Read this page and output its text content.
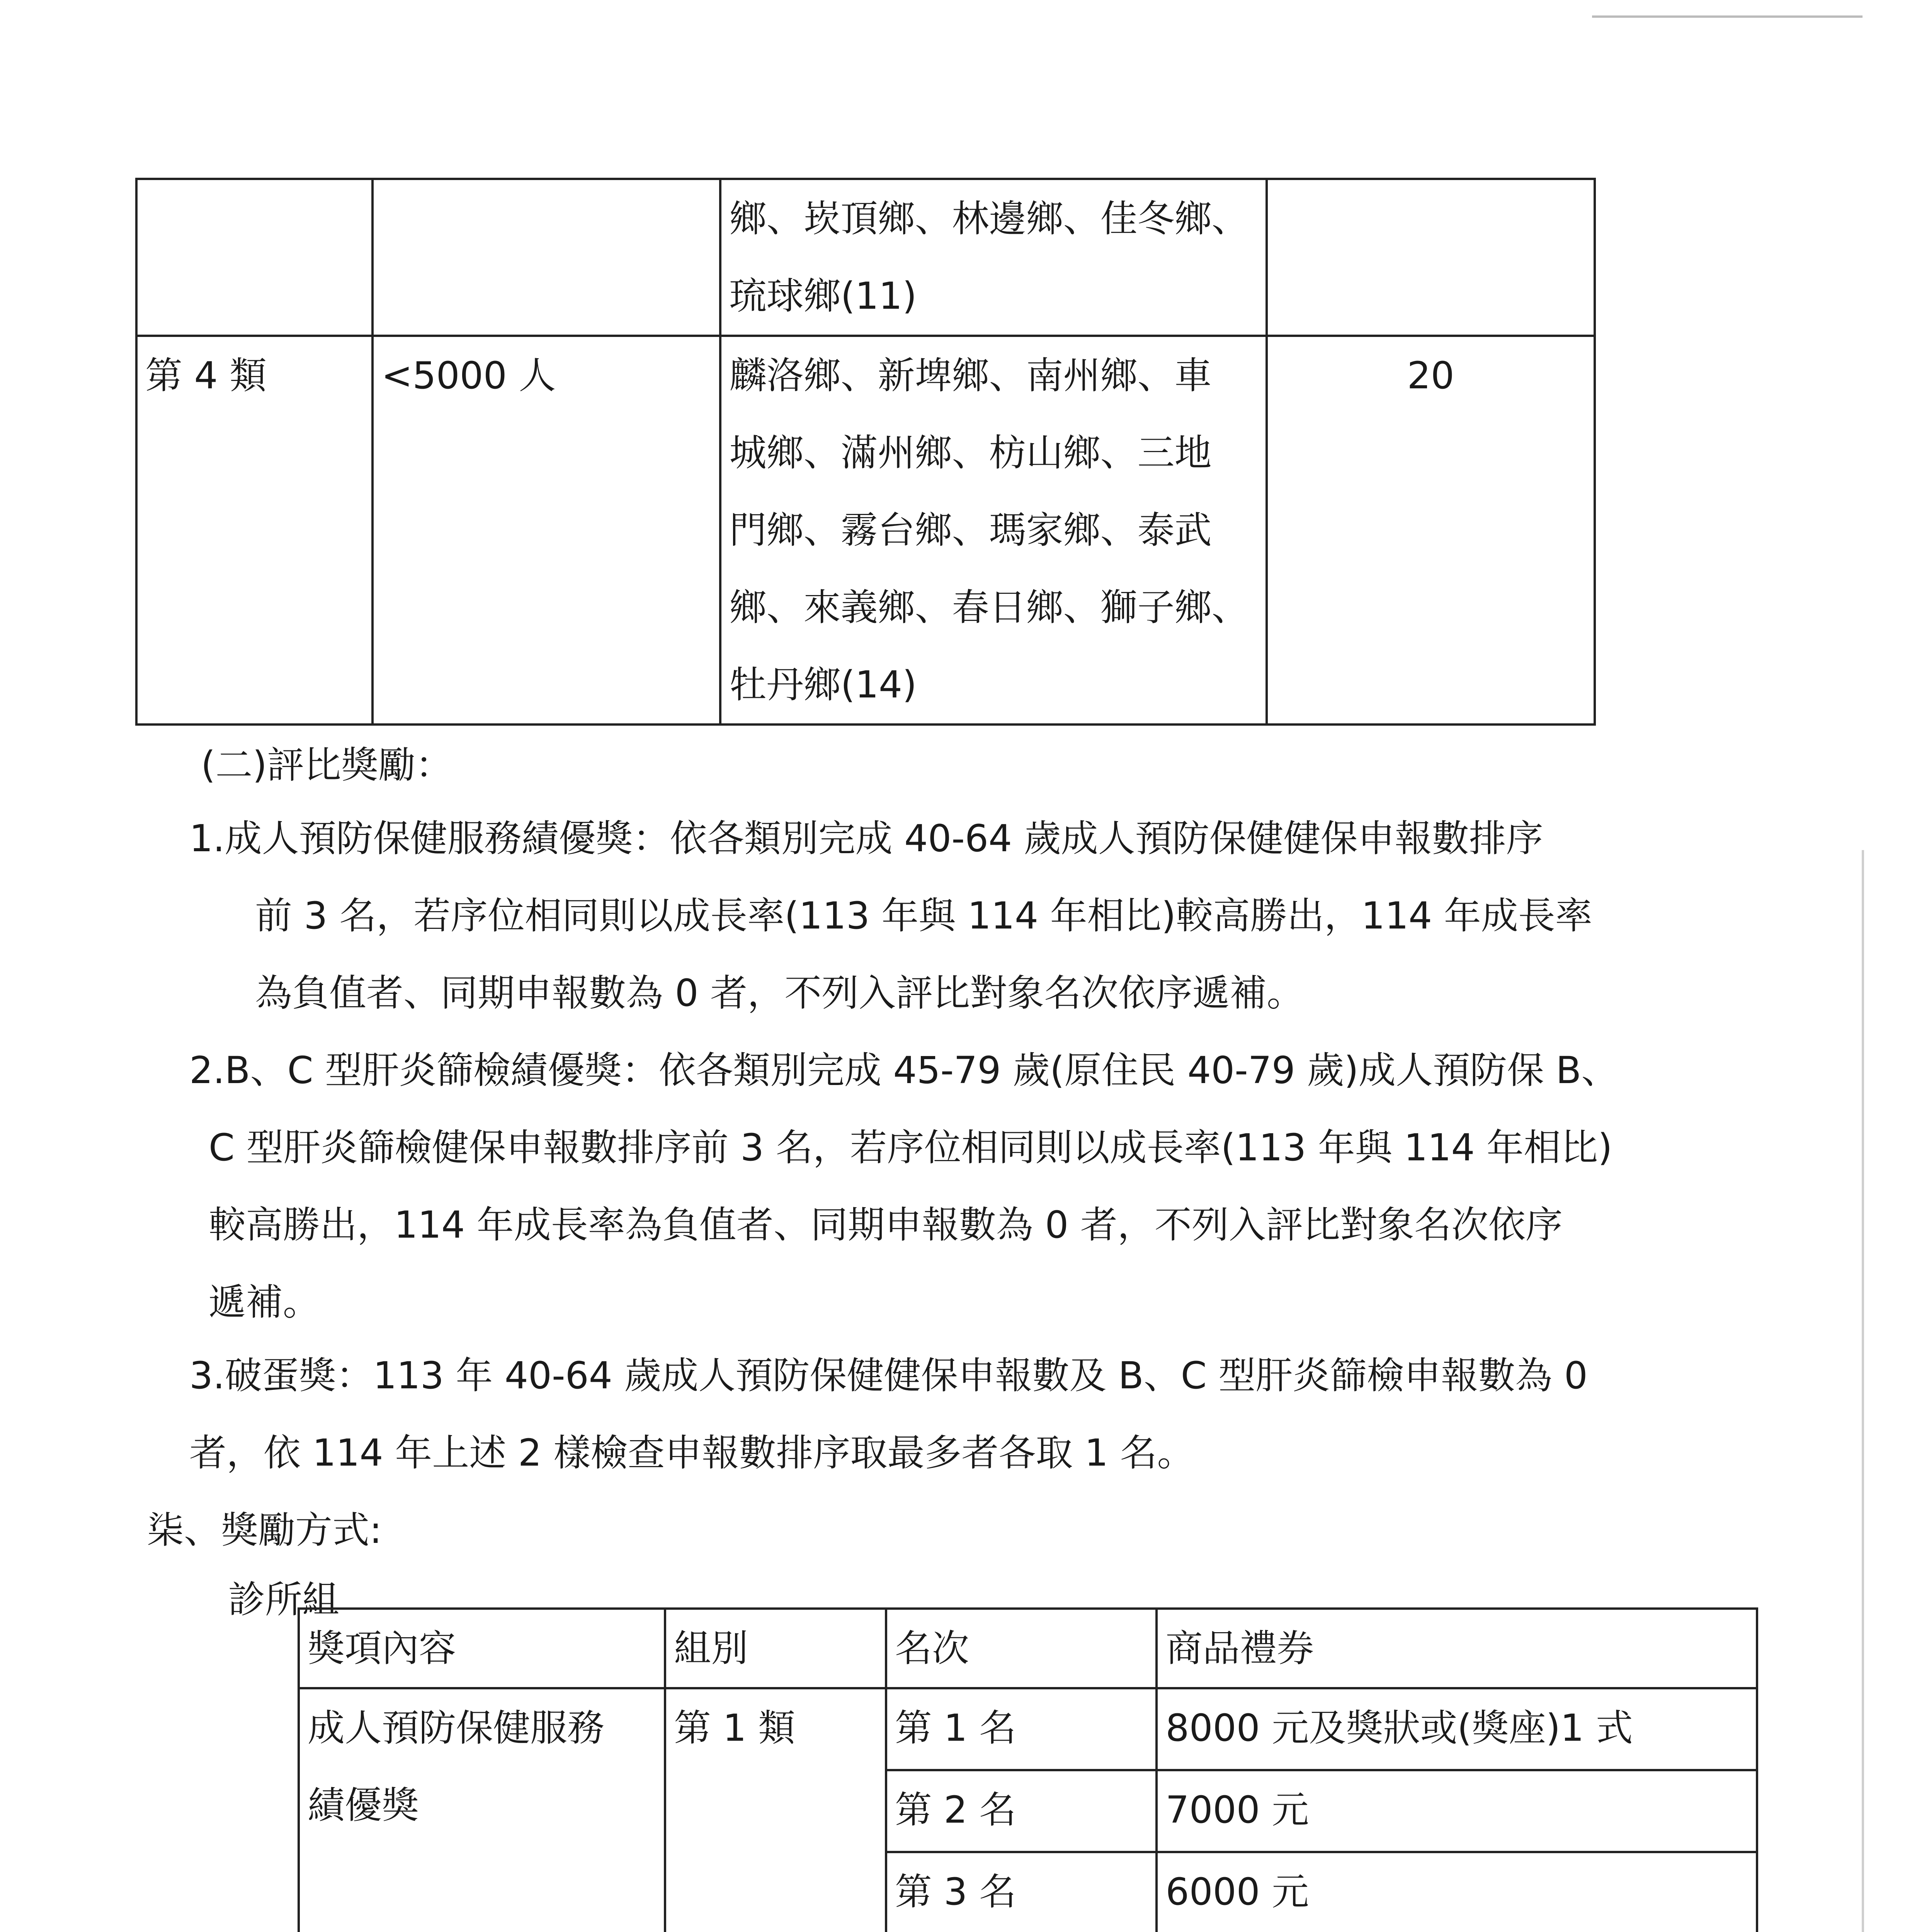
		鄉、崁頂鄉、林邊鄉、佳冬鄉、
琉球鄉(11)	

第 4 類	<5000 人	麟洛鄉、新埤鄉、南州鄉、車
城鄉、滿州鄉、枋山鄉、三地
門鄉、霧台鄉、瑪家鄉、泰武
鄉、來義鄉、春日鄉、獅子鄉、
牡丹鄉(14)	20
(二)評比獎勵：
1.成人預防保健服務績優獎：依各類別完成 40-64 歲成人預防保健健保申報數排序
前 3 名，若序位相同則以成長率(113 年與 114 年相比)較高勝出，114 年成長率
為負值者、同期申報數為 0 者，不列入評比對象名次依序遞補。
2.B、C 型肝炎篩檢績優獎：依各類別完成 45-79 歲(原住民 40-79 歲)成人預防保 B、
C 型肝炎篩檢健保申報數排序前 3 名，若序位相同則以成長率(113 年與 114 年相比)
較高勝出，114 年成長率為負值者、同期申報數為 0 者，不列入評比對象名次依序
遞補。
3.破蛋獎：113 年 40-64 歲成人預防保健健保申報數及 B、C 型肝炎篩檢申報數為 0
者，依 114 年上述 2 樣檢查申報數排序取最多者各取 1 名。
柒、獎勵方式:
診所組
獎項內容	組別	名次	商品禮券

成人預防保健服務
績優獎	第 1 類	第 1 名	8000 元及獎狀或(獎座)1 式

		第 2 名	7000 元

		第 3 名	6000 元
